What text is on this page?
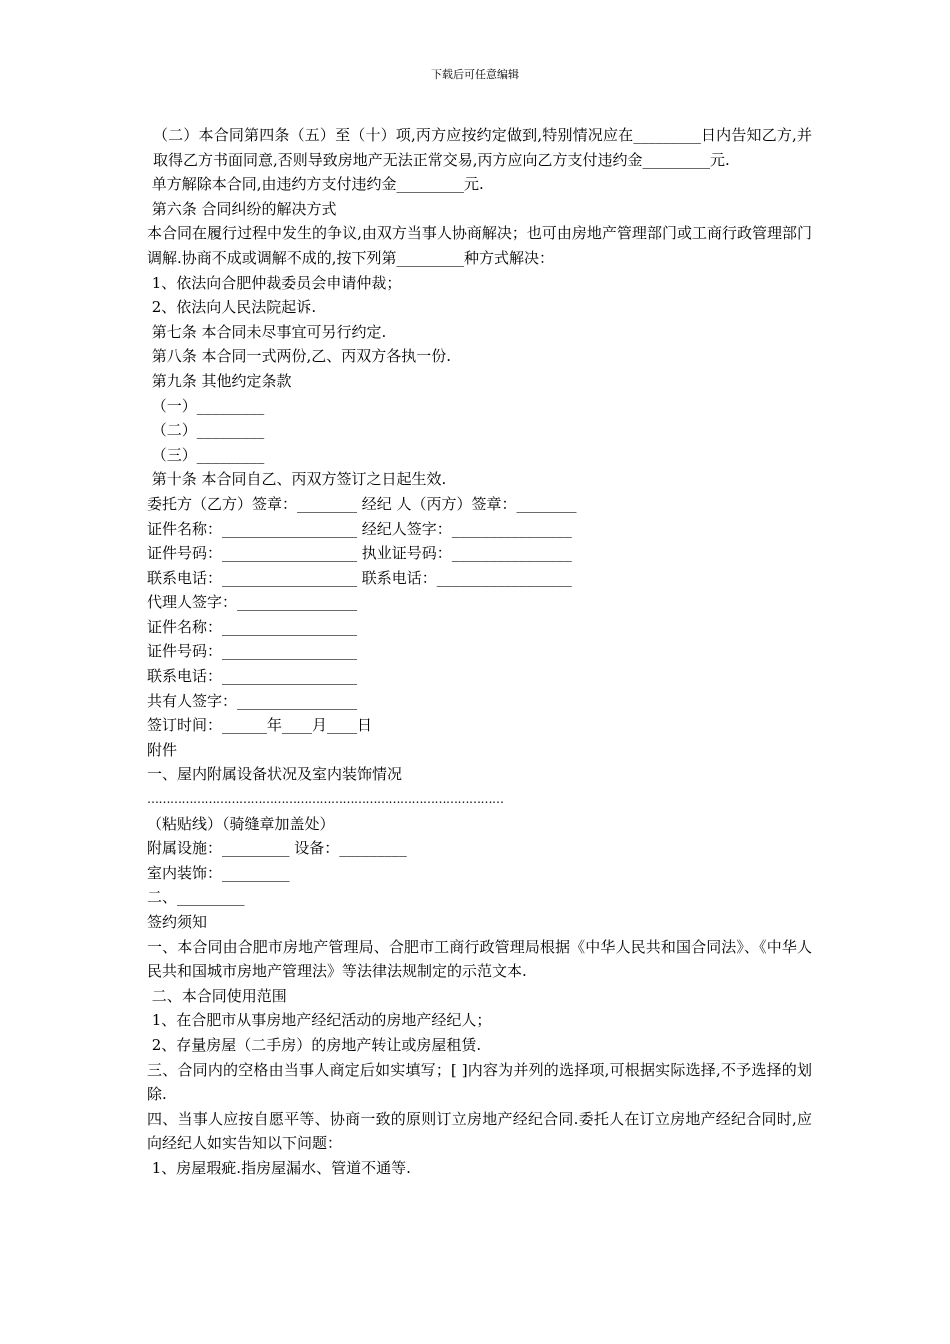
下载后可任意编辑
（二）本合同第四条（五）至（十）项,丙方应按约定做到,特别情况应在_________日内告知乙方,并取得乙方书面同意,否则导致房地产无法正常交易,丙方应向乙方支付违约金_________元.
单方解除本合同,由违约方支付违约金_________元.
第六条 合同纠纷的解决方式
本合同在履行过程中发生的争议,由双方当事人协商解决；也可由房地产管理部门或工商行政管理部门调解.协商不成或调解不成的,按下列第_________种方式解决：
1、依法向合肥仲裁委员会申请仲裁；
2、依法向人民法院起诉.
第七条 本合同未尽事宜可另行约定.
第八条 本合同一式两份,乙、丙双方各执一份.
第九条 其他约定条款
（一）_________
（二）_________
（三）_________
第十条 本合同自乙、丙双方签订之日起生效.
委托方（乙方）签章：________ 经纪 人（丙方）签章：________
证件名称：__________________ 经纪人签字：________________
证件号码：__________________ 执业证号码：________________
联系电话：__________________ 联系电话：__________________
代理人签字：________________
证件名称：__________________
证件号码：__________________
联系电话：__________________
共有人签字：________________
签订时间：______年____月____日
附件
一、屋内附属设备状况及室内装饰情况
…………………………………………………………………………………
（粘贴线）（骑缝章加盖处）
附属设施：_________ 设备：_________
室内装饰：_________
二、_________
签约须知
一、本合同由合肥市房地产管理局、合肥市工商行政管理局根据《中华人民共和国合同法》、《中华人民共和国城市房地产管理法》等法律法规制定的示范文本.
二、本合同使用范围
1、在合肥市从事房地产经纪活动的房地产经纪人；
2、存量房屋（二手房）的房地产转让或房屋租赁.
三、合同内的空格由当事人商定后如实填写；[ ]内容为并列的选择项,可根据实际选择,不予选择的划除.
四、当事人应按自愿平等、协商一致的原则订立房地产经纪合同.委托人在订立房地产经纪合同时,应向经纪人如实告知以下问题：
1、房屋瑕疵.指房屋漏水、管道不通等.
